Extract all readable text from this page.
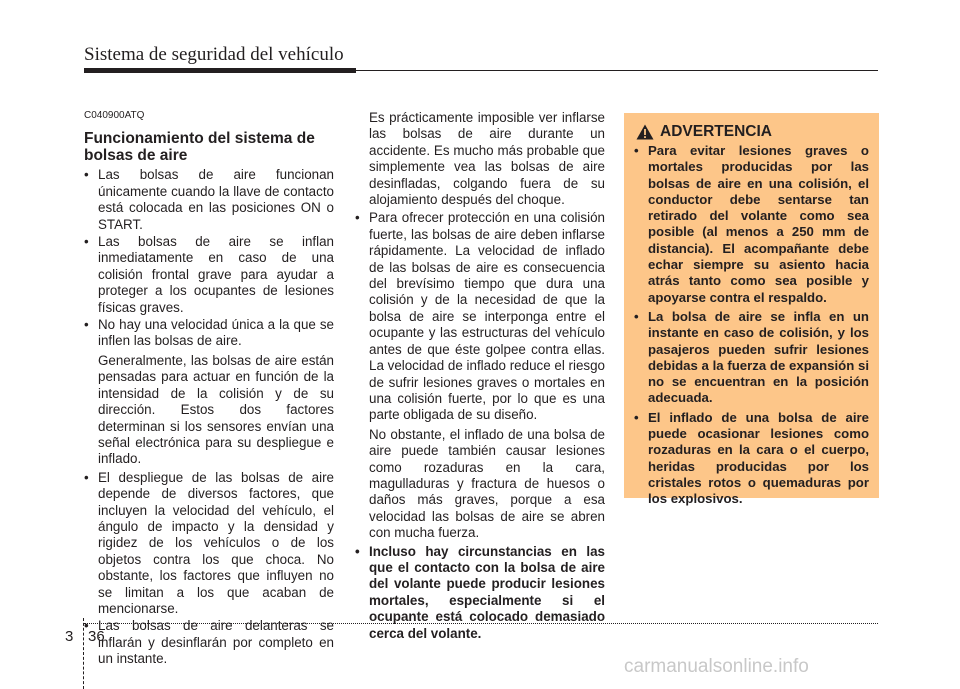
Sistema de seguridad del vehículo
C040900ATQ
Funcionamiento del sistema de bolsas de aire
• Las bolsas de aire funcionan únicamente cuando la llave de contacto está colocada en las posiciones ON o START.
• Las bolsas de aire se inflan inmediatamente en caso de una colisión frontal grave para ayudar a proteger a los ocupantes de lesiones físicas graves.
• No hay una velocidad única a la que se inflen las bolsas de aire.

Generalmente, las bolsas de aire están pensadas para actuar en función de la intensidad de la colisión y de su dirección. Estos dos factores determinan si los sensores envían una señal electrónica para su despliegue e inflado.

• El despliegue de las bolsas de aire depende de diversos factores, que incluyen la velocidad del vehículo, el ángulo de impacto y la densidad y rigidez de los vehículos o de los objetos contra los que choca. No obstante, los factores que influyen no se limitan a los que acaban de mencionarse.
• Las bolsas de aire delanteras se inflarán y desinflarán por completo en un instante.

Es prácticamente imposible ver inflarse las bolsas de aire durante un accidente. Es mucho más probable que simplemente vea las bolsas de aire desinfladas, colgando fuera de su alojamiento después del choque.

• Para ofrecer protección en una colisión fuerte, las bolsas de aire deben inflarse rápidamente. La velocidad de inflado de las bolsas de aire es consecuencia del brevísimo tiempo que dura una colisión y de la necesidad de que la bolsa de aire se interponga entre el ocupante y las estructuras del vehículo antes de que éste golpee contra ellas. La velocidad de inflado reduce el riesgo de sufrir lesiones graves o mortales en una colisión fuerte, por lo que es una parte obligada de su diseño.

No obstante, el inflado de una bolsa de aire puede también causar lesiones como rozaduras en la cara, magulladuras y fractura de huesos o daños más graves, porque a esa velocidad las bolsas de aire se abren con mucha fuerza.

• Incluso hay circunstancias en las que el contacto con la bolsa de aire del volante puede producir lesiones mortales, especialmente si el ocupante está colocado demasiado cerca del volante.
ADVERTENCIA
• Para evitar lesiones graves o mortales producidas por las bolsas de aire en una colisión, el conductor debe sentarse tan retirado del volante como sea posible (al menos a 250 mm de distancia). El acompañante debe echar siempre su asiento hacia atrás tanto como sea posible y apoyarse contra el respaldo.
• La bolsa de aire se infla en un instante en caso de colisión, y los pasajeros pueden sufrir lesiones debidas a la fuerza de expansión si no se encuentran en la posición adecuada.
• El inflado de una bolsa de aire puede ocasionar lesiones como rozaduras en la cara o el cuerpo, heridas producidas por los cristales rotos o quemaduras por los explosivos.
3 36
carmanualsonline.info
